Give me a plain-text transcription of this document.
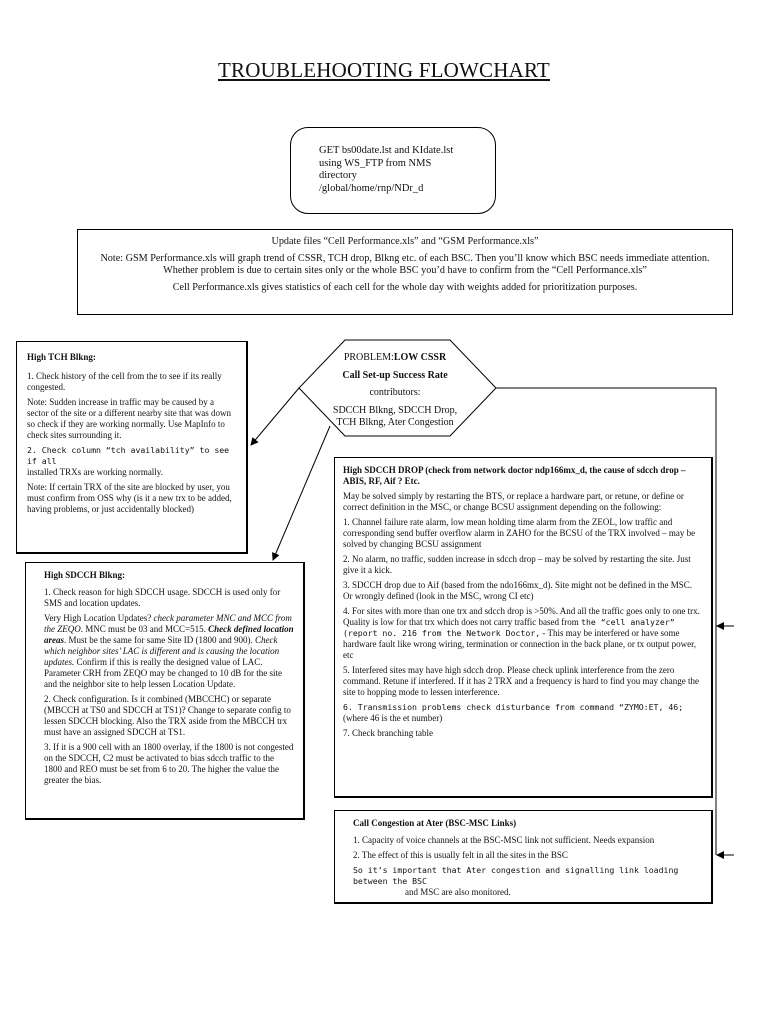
TROUBLEHOOTING FLOWCHART
GET bs00date.lst and KIdate.lst
using WS_FTP from NMS
directory
/global/home/rnp/NDr_d

Update files “Cell Performance.xls” and “GSM Performance.xls”

Note: GSM Performance.xls will graph trend of CSSR, TCH drop, Blkng etc. of each BSC. Then you’ll know which BSC needs immediate attention. Whether problem is due to certain sites only or the whole BSC you’d have to confirm from the “Cell Performance.xls”

Cell Performance.xls gives statistics of each cell for the whole day with weights added for prioritization purposes.

PROBLEM:LOW CSSR

Call Set-up Success Rate

contributors:

SDCCH Blkng, SDCCH Drop, TCH Blkng, Ater Congestion

High TCH Blkng:

1. Check history of the cell from the to see if its really congested.

Note: Sudden increase in traffic may be caused by a sector of the site or a different nearby site that was down so check if they are working normally. Use MapInfo to check sites surrounding it.

2. Check column “tch availability” to see if all
installed TRXs are working normally.

Note: If certain TRX of the site are blocked by user, you must confirm from OSS why (is it a new trx to be added, having problems, or just accidentally blocked)

High SDCCH Blkng:

1. Check reason for high SDCCH usage. SDCCH is used only for SMS and location updates.

Very High Location Updates? check parameter MNC and MCC from the ZEQO. MNC must be 03 and MCC=515. Check defined location areas. Must be the same for same Site ID (1800 and 900). Check which neighbor sites’ LAC is different and is causing the location updates. Confirm if this is really the designed value of LAC. Parameter CRH from ZEQO may be changed to 10 dB for the site and the neighbor site to help lessen Location Update.

2. Check configuration. Is it combined (MBCCHC) or separate (MBCCH at TS0 and SDCCH at TS1)? Change to separate config to lessen SDCCH blocking. Also the TRX aside from the MBCCH trx must have an assigned SDCCH at TS1.

3. If it is a 900 cell with an 1800 overlay, if the 1800 is not congested on the SDCCH, C2 must be activated to bias sdcch traffic to the 1800 and REO must be set from 6 to 20. The higher the value the greater the bias.

High SDCCH DROP (check from network doctor ndp166mx_d, the cause of sdcch drop – ABIS, RF, Aif ? Etc.

May be solved simply by restarting the BTS, or replace a hardware part, or retune, or define or correct definition in the MSC, or change BCSU assignment depending on the following:

1. Channel failure rate alarm, low mean holding time alarm from the ZEOL, low traffic and corresponding send buffer overflow alarm in ZAHO for the BCSU of the TRX involved – may be solved by changing BCSU assignment

2. No alarm, no traffic, sudden increase in sdcch drop – may be solved by restarting the site. Just give it a kick.

3. SDCCH drop due to Aif (based from the ndo166mx_d). Site might not be defined in the MSC. Or wrongly defined (look in the MSC, wrong CI etc)

4. For sites with more than one trx and sdcch drop is >50%. And all the traffic goes only to one trx. Quality is low for that trx which does not carry traffic based from the “cell analyzer” (report no. 216 from the Network Doctor, - This may be interfered or have some hardware fault like wrong wiring, termination or connection in the back plane, or tx output power, etc

5. Interfered sites may have high sdcch drop. Please check uplink interference from the zero command. Retune if interfered. If it has 2 TRX and a frequency is hard to find you may change the site to hopping mode to lessen interference.

6. Transmission problems check disturbance from command “ZYMO:ET, 46;
(where 46 is the et number)

7. Check branching table

Call Congestion at Ater (BSC-MSC Links)

1. Capacity of voice channels at the BSC-MSC link not sufficient. Needs expansion

2. The effect of this is usually felt in all the sites in the BSC

So it’s important that Ater congestion and signalling link loading between the BSC
and MSC are also monitored.
